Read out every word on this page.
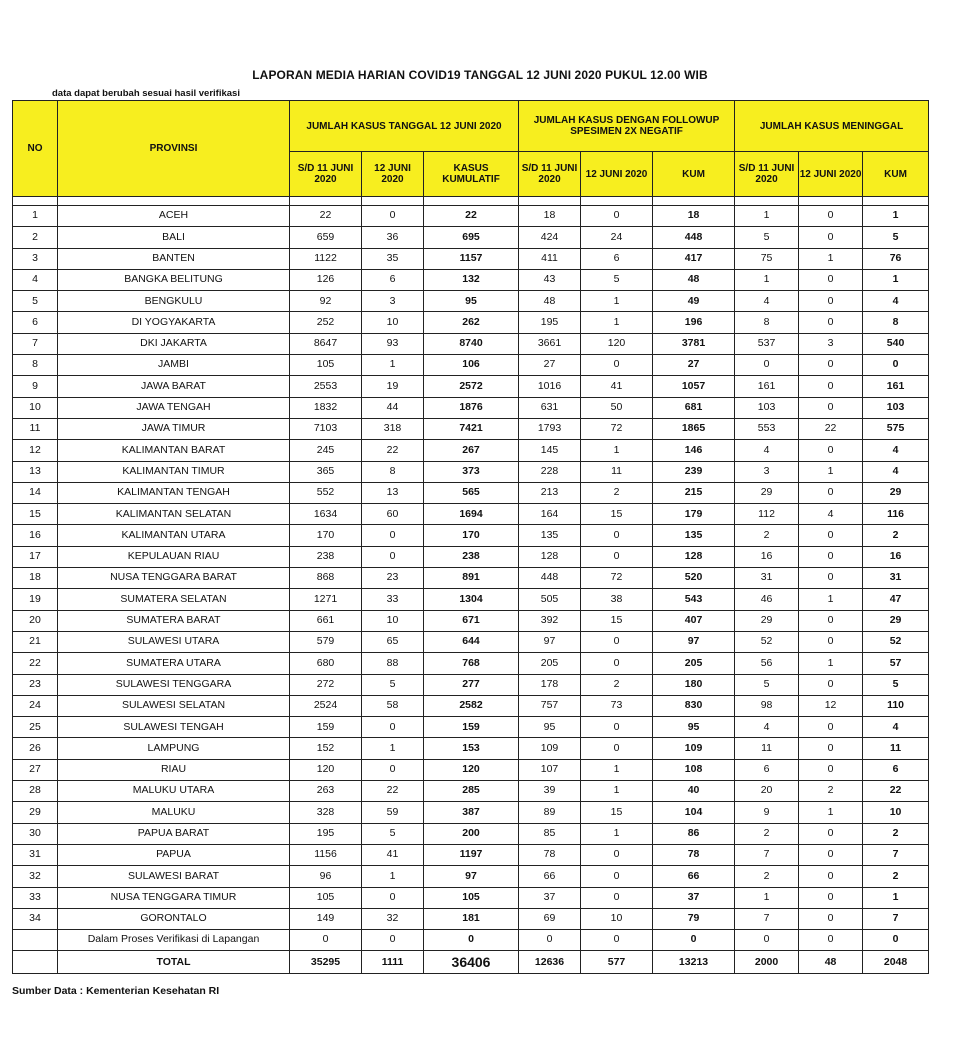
LAPORAN MEDIA HARIAN COVID19 TANGGAL 12 JUNI 2020 PUKUL 12.00 WIB
data dapat berubah sesuai hasil verifikasi
NO	PROVINSI	JUMLAH KASUS TANGGAL 12 JUNI 2020			JUMLAH KASUS DENGAN FOLLOWUP SPESIMEN 2X NEGATIF			JUMLAH KASUS MENINGGAL		
		S/D 11 JUNI 2020	12 JUNI 2020	KASUS KUMULATIF	S/D 11 JUNI 2020	12 JUNI 2020	KUM	S/D 11 JUNI 2020	12 JUNI 2020	KUM

1	ACEH	22	0	22	18	0	18	1	0	1
2	BALI	659	36	695	424	24	448	5	0	5
3	BANTEN	1122	35	1157	411	6	417	75	1	76
4	BANGKA BELITUNG	126	6	132	43	5	48	1	0	1
5	BENGKULU	92	3	95	48	1	49	4	0	4
6	DI YOGYAKARTA	252	10	262	195	1	196	8	0	8
7	DKI JAKARTA	8647	93	8740	3661	120	3781	537	3	540
8	JAMBI	105	1	106	27	0	27	0	0	0
9	JAWA BARAT	2553	19	2572	1016	41	1057	161	0	161
10	JAWA TENGAH	1832	44	1876	631	50	681	103	0	103
11	JAWA TIMUR	7103	318	7421	1793	72	1865	553	22	575
12	KALIMANTAN BARAT	245	22	267	145	1	146	4	0	4
13	KALIMANTAN TIMUR	365	8	373	228	11	239	3	1	4
14	KALIMANTAN TENGAH	552	13	565	213	2	215	29	0	29
15	KALIMANTAN SELATAN	1634	60	1694	164	15	179	112	4	116
16	KALIMANTAN UTARA	170	0	170	135	0	135	2	0	2
17	KEPULAUAN RIAU	238	0	238	128	0	128	16	0	16
18	NUSA TENGGARA BARAT	868	23	891	448	72	520	31	0	31
19	SUMATERA SELATAN	1271	33	1304	505	38	543	46	1	47
20	SUMATERA BARAT	661	10	671	392	15	407	29	0	29
21	SULAWESI UTARA	579	65	644	97	0	97	52	0	52
22	SUMATERA UTARA	680	88	768	205	0	205	56	1	57
23	SULAWESI TENGGARA	272	5	277	178	2	180	5	0	5
24	SULAWESI SELATAN	2524	58	2582	757	73	830	98	12	110
25	SULAWESI TENGAH	159	0	159	95	0	95	4	0	4
26	LAMPUNG	152	1	153	109	0	109	11	0	11
27	RIAU	120	0	120	107	1	108	6	0	6
28	MALUKU UTARA	263	22	285	39	1	40	20	2	22
29	MALUKU	328	59	387	89	15	104	9	1	10
30	PAPUA BARAT	195	5	200	85	1	86	2	0	2
31	PAPUA	1156	41	1197	78	0	78	7	0	7
32	SULAWESI BARAT	96	1	97	66	0	66	2	0	2
33	NUSA TENGGARA TIMUR	105	0	105	37	0	37	1	0	1
34	GORONTALO	149	32	181	69	10	79	7	0	7
	Dalam Proses Verifikasi di Lapangan	0	0	0	0	0	0	0	0	0
	TOTAL	35295	1111	36406	12636	577	13213	2000	48	2048
Sumber Data : Kementerian Kesehatan RI
